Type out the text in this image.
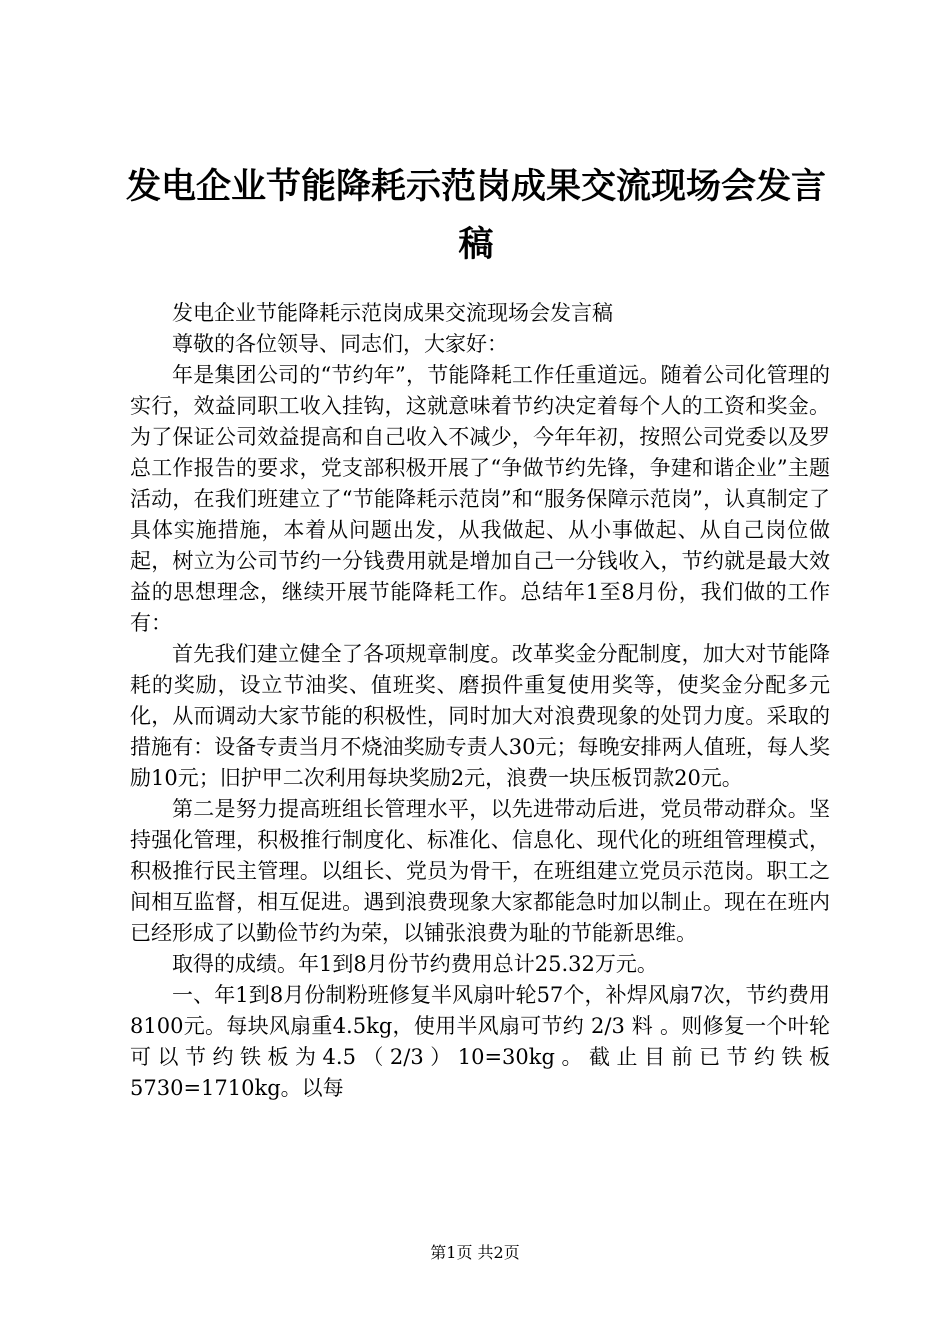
发电企业节能降耗示范岗成果交流现场会发言稿

发电企业节能降耗示范岗成果交流现场会发言稿

尊敬的各位领导、同志们，大家好：

年是集团公司的“节约年”，节能降耗工作任重道远。随着公司化管理的实行，效益同职工收入挂钩，这就意味着节约决定着每个人的工资和奖金。为了保证公司效益提高和自己收入不减少，今年年初，按照公司党委以及罗总工作报告的要求，党支部积极开展了“争做节约先锋，争建和谐企业”主题活动，在我们班建立了“节能降耗示范岗”和“服务保障示范岗”，认真制定了具体实施措施，本着从问题出发，从我做起、从小事做起、从自己岗位做起，树立为公司节约一分钱费用就是增加自己一分钱收入，节约就是最大效益的思想理念，继续开展节能降耗工作。总结年1至8月份，我们做的工作有：

首先我们建立健全了各项规章制度。改革奖金分配制度，加大对节能降耗的奖励，设立节油奖、值班奖、磨损件重复使用奖等，使奖金分配多元化，从而调动大家节能的积极性，同时加大对浪费现象的处罚力度。采取的措施有：设备专责当月不烧油奖励专责人30元；每晚安排两人值班，每人奖励10元；旧护甲二次利用每块奖励2元，浪费一块压板罚款20元。

第二是努力提高班组长管理水平，以先进带动后进，党员带动群众。坚持强化管理，积极推行制度化、标准化、信息化、现代化的班组管理模式，积极推行民主管理。以组长、党员为骨干，在班组建立党员示范岗。职工之间相互监督，相互促进。遇到浪费现象大家都能急时加以制止。现在在班内已经形成了以勤俭节约为荣，以铺张浪费为耻的节能新思维。

取得的成绩。年1到8月份节约费用总计25.32万元。

一、年1到8月份制粉班修复半风扇叶轮57个，补焊风扇7次，节约费用8100元。每块风扇重4.5kg，使用半风扇可节约 2/3 料 。则修复一个叶轮可以节约铁板为4.5（2/3）10=30kg。截止目前已节约铁板5730=1710kg。以每

第1页 共2页
